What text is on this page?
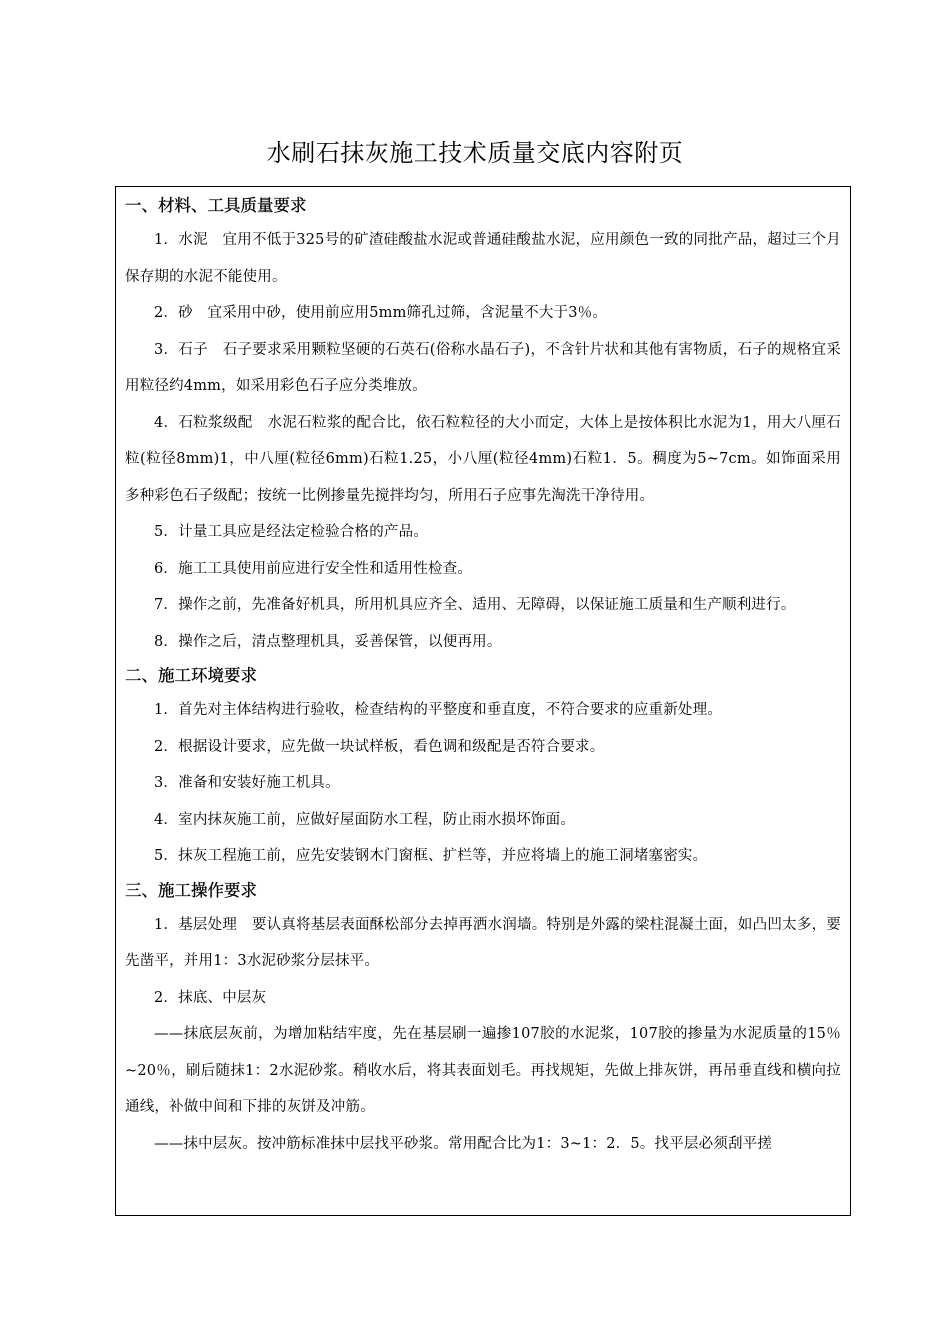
水刷石抹灰施工技术质量交底内容附页
一、材料、工具质量要求

1．水泥　宜用不低于325号的矿渣硅酸盐水泥或普通硅酸盐水泥，应用颜色一致的同批产品，超过三个月保存期的水泥不能使用。

2．砂　宜采用中砂，使用前应用5mm筛孔过筛，含泥量不大于3％。

3．石子　石子要求采用颗粒坚硬的石英石(俗称水晶石子)，不含针片状和其他有害物质，石子的规格宜采用粒径约4mm，如采用彩色石子应分类堆放。

4．石粒浆级配　水泥石粒浆的配合比，依石粒粒径的大小而定，大体上是按体积比水泥为1，用大八厘石粒(粒径8mm)1，中八厘(粒径6mm)石粒1.25，小八厘(粒径4mm)石粒1．5。稠度为5~7cm。如饰面采用多种彩色石子级配；按统一比例掺量先搅拌均匀，所用石子应事先淘洗干净待用。

5．计量工具应是经法定检验合格的产品。

6．施工工具使用前应进行安全性和适用性检查。

7．操作之前，先准备好机具，所用机具应齐全、适用、无障碍，以保证施工质量和生产顺利进行。

8．操作之后，清点整理机具，妥善保管，以便再用。

二、施工环境要求

1．首先对主体结构进行验收，检查结构的平整度和垂直度，不符合要求的应重新处理。

2．根据设计要求，应先做一块试样板，看色调和级配是否符合要求。

3．准备和安装好施工机具。

4．室内抹灰施工前，应做好屋面防水工程，防止雨水损坏饰面。

5．抹灰工程施工前，应先安装钢木门窗框、扩栏等，并应将墙上的施工洞堵塞密实。

三、施工操作要求

1．基层处理　要认真将基层表面酥松部分去掉再洒水润墙。特别是外露的梁柱混凝土面，如凸凹太多，要先凿平，并用1：3水泥砂浆分层抹平。

2．抹底、中层灰

——抹底层灰前，为增加粘结牢度，先在基层刷一遍掺107胶的水泥浆，107胶的掺量为水泥质量的15％~20％，刷后随抹1：2水泥砂浆。稍收水后，将其表面划毛。再找规矩，先做上排灰饼，再吊垂直线和横向拉通线，补做中间和下排的灰饼及冲筋。

——抹中层灰。按冲筋标准抹中层找平砂浆。常用配合比为1：3~1：2．5。找平层必须刮平搓
